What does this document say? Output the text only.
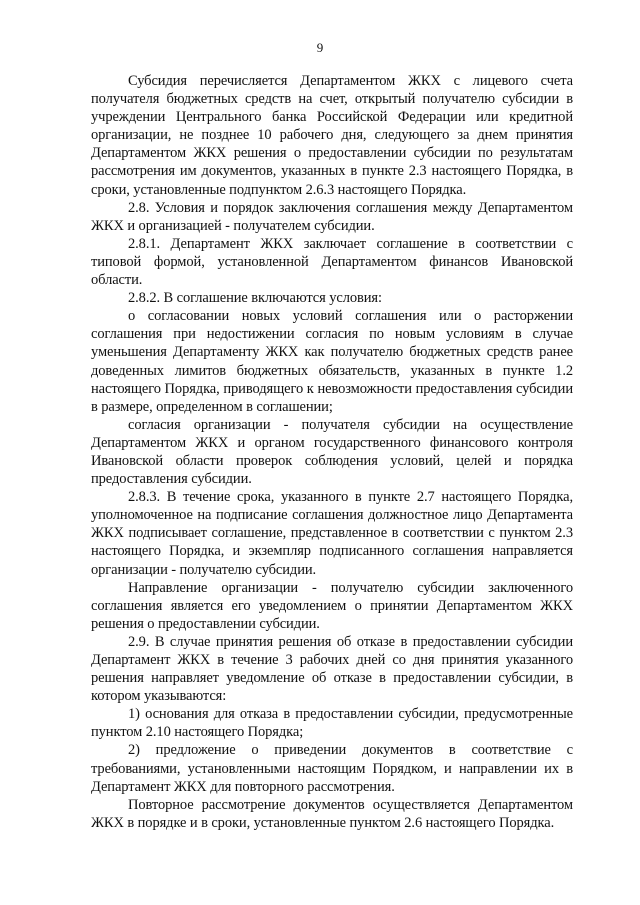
9

Субсидия перечисляется Департаментом ЖКХ с лицевого счета получателя бюджетных средств на счет, открытый получателю субсидии в учреждении Центрального банка Российской Федерации или кредитной организации, не позднее 10 рабочего дня, следующего за днем принятия Департаментом ЖКХ решения о предоставлении субсидии по результатам рассмотрения им документов, указанных в пункте 2.3 настоящего Порядка, в сроки, установленные подпунктом 2.6.3 настоящего Порядка.

2.8. Условия и порядок заключения соглашения между Департаментом ЖКХ и организацией - получателем субсидии.

2.8.1. Департамент ЖКХ заключает соглашение в соответствии с типовой формой, установленной Департаментом финансов Ивановской области.

2.8.2. В соглашение включаются условия:

о согласовании новых условий соглашения или о расторжении соглашения при недостижении согласия по новым условиям в случае уменьшения Департаменту ЖКХ как получателю бюджетных средств ранее доведенных лимитов бюджетных обязательств, указанных в пункте 1.2 настоящего Порядка, приводящего к невозможности предоставления субсидии в размере, определенном в соглашении;

согласия организации - получателя субсидии на осуществление Департаментом ЖКХ и органом государственного финансового контроля Ивановской области проверок соблюдения условий, целей и порядка предоставления субсидии.

2.8.3. В течение срока, указанного в пункте 2.7 настоящего Порядка, уполномоченное на подписание соглашения должностное лицо Департамента ЖКХ подписывает соглашение, представленное в соответствии с пунктом 2.3 настоящего Порядка, и экземпляр подписанного соглашения направляется организации - получателю субсидии.

Направление организации - получателю субсидии заключенного соглашения является его уведомлением о принятии Департаментом ЖКХ решения о предоставлении субсидии.

2.9. В случае принятия решения об отказе в предоставлении субсидии Департамент ЖКХ в течение 3 рабочих дней со дня принятия указанного решения направляет уведомление об отказе в предоставлении субсидии, в котором указываются:

1) основания для отказа в предоставлении субсидии, предусмотренные пунктом 2.10 настоящего Порядка;

2) предложение о приведении документов в соответствие с требованиями, установленными настоящим Порядком, и направлении их в Департамент ЖКХ для повторного рассмотрения.

Повторное рассмотрение документов осуществляется Департаментом ЖКХ в порядке и в сроки, установленные пунктом 2.6 настоящего Порядка.
